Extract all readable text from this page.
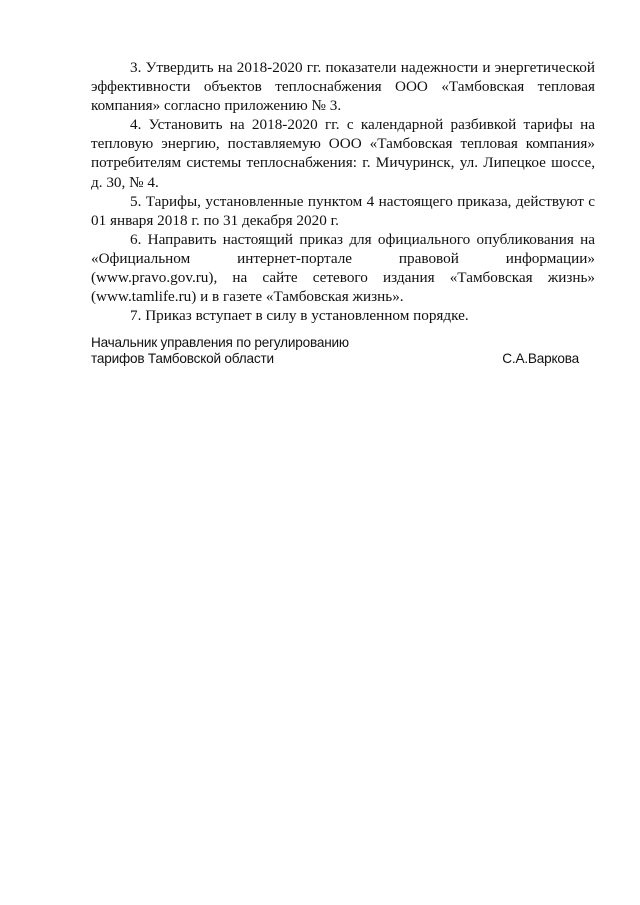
3. Утвердить на 2018-2020 гг. показатели надежности и энергетической эффективности объектов теплоснабжения ООО «Тамбовская тепловая компания» согласно приложению № 3.

4. Установить на 2018-2020 гг. с календарной разбивкой тарифы на тепловую энергию, поставляемую ООО «Тамбовская тепловая компания» потребителям системы теплоснабжения: г. Мичуринск, ул. Липецкое шоссе, д. 30, № 4.

5. Тарифы, установленные пунктом 4 настоящего приказа, действуют с 01 января 2018 г. по 31 декабря 2020 г.

6. Направить настоящий приказ для официального опубликования на «Официальном интернет-портале правовой информации» (www.pravo.gov.ru), на сайте сетевого издания «Тамбовская жизнь» (www.tamlife.ru) и в газете «Тамбовская жизнь».

7. Приказ вступает в силу в установленном порядке.

Начальник управления по регулированию
тарифов Тамбовской области	С.А.Варкова
